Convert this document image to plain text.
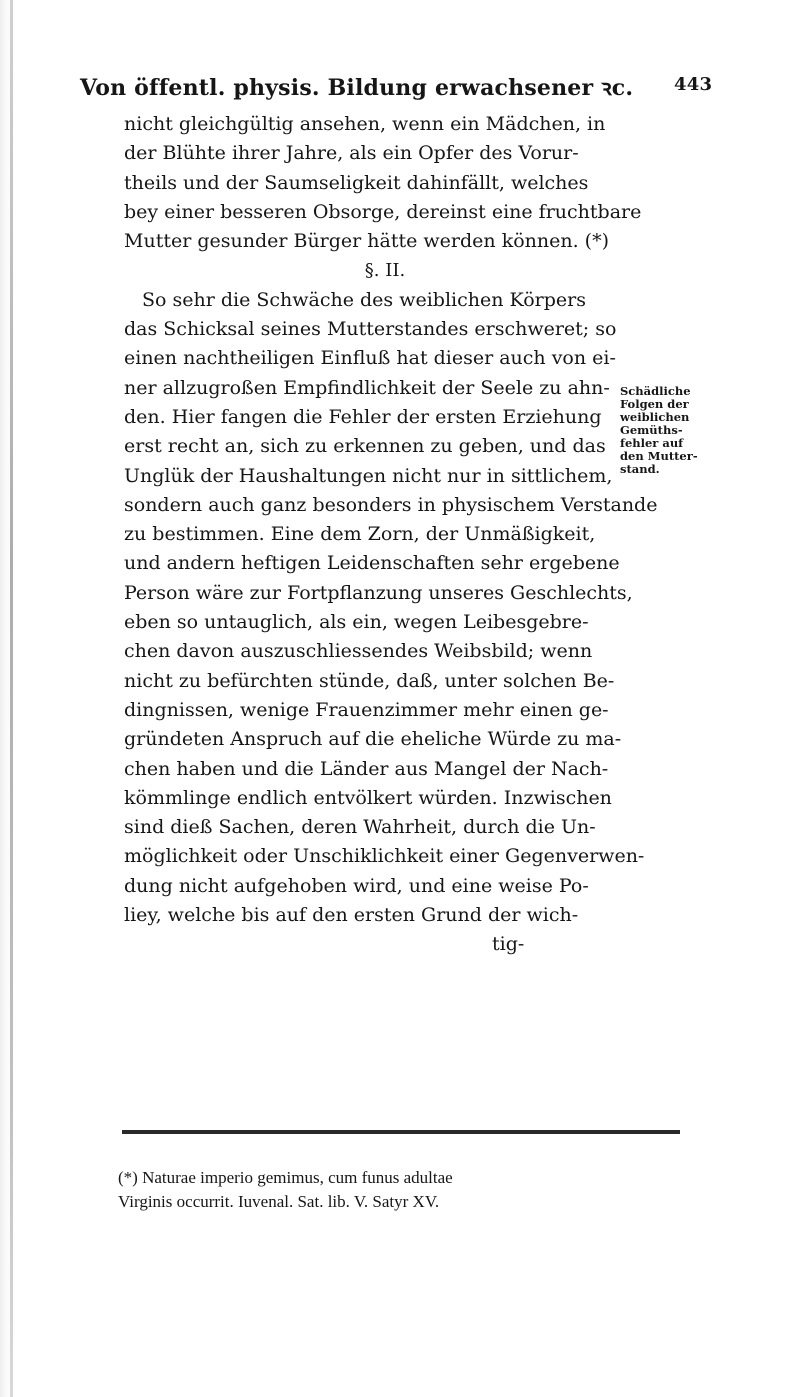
Von öffentl. physis. Bildung erwachsener ꝛc. 443
nicht gleichgültig ansehen, wenn ein Mädchen, in
der Blühte ihrer Jahre, als ein Opfer des Vorur-
theils und der Saumseligkeit dahinfällt, welches
bey einer besseren Obsorge, dereinst eine fruchtbare
Mutter gesunder Bürger hätte werden können. (*)
§. II.
So sehr die Schwäche des weiblichen Körpers
das Schicksal seines Mutterstandes erschweret; so
einen nachtheiligen Einfluß hat dieser auch von ei-
ner allzugroßen Empfindlichkeit der Seele zu ahn-
den. Hier fangen die Fehler der ersten Erziehung
erst recht an, sich zu erkennen zu geben, und das
Unglük der Haushaltungen nicht nur in sittlichem,
sondern auch ganz besonders in physischem Verstande
zu bestimmen. Eine dem Zorn, der Unmäßigkeit,
und andern heftigen Leidenschaften sehr ergebene
Person wäre zur Fortpflanzung unseres Geschlechts,
eben so untauglich, als ein, wegen Leibesgebre-
chen davon auszuschliessendes Weibsbild; wenn
nicht zu befürchten stünde, daß, unter solchen Be-
dingnissen, wenige Frauenzimmer mehr einen ge-
gründeten Anspruch auf die eheliche Würde zu ma-
chen haben und die Länder aus Mangel der Nach-
kömmlinge endlich entvölkert würden. Inzwischen
sind dieß Sachen, deren Wahrheit, durch die Un-
möglichkeit oder Unschiklichkeit einer Gegenverwen-
dung nicht aufgehoben wird, und eine weise Po-
liey, welche bis auf den ersten Grund der wich-
tig-
Schädliche
Folgen der
weiblichen
Gemüths-
fehler auf
den Mutter-
stand.
(*) Naturae imperio gemimus, cum funus adultae
Virginis occurrit. Iuvenal. Sat. lib. V. Satyr XV.
